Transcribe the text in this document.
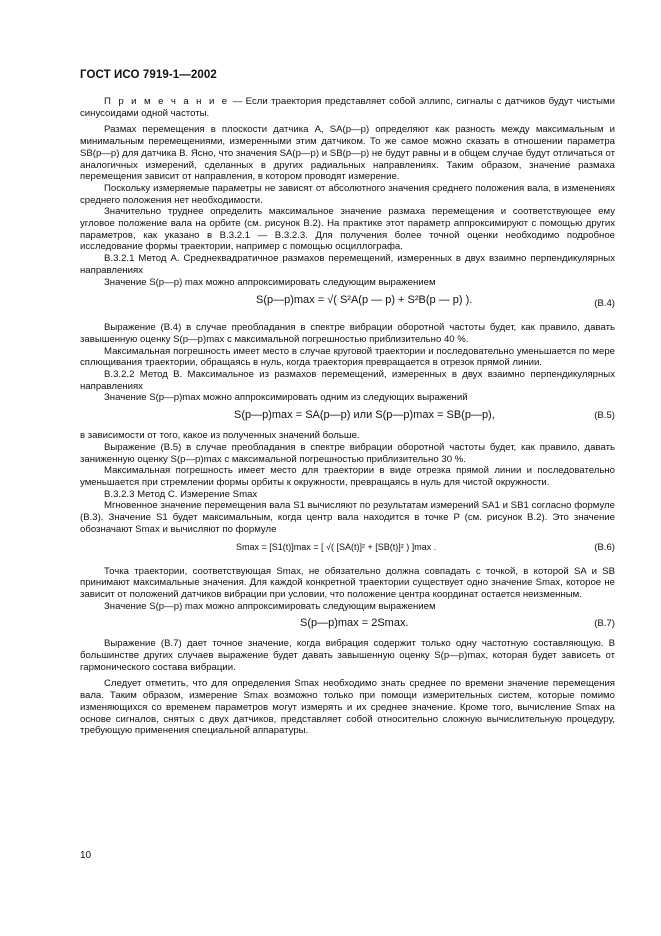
ГОСТ ИСО 7919-1—2002

П р и м е ч а н и е — Если траектория представляет собой эллипс, сигналы с датчиков будут чистыми синусоидами одной частоты.

Размах перемещения в плоскости датчика A, SA(p—p) определяют как разность между максимальным и минимальным перемещениями, измеренными этим датчиком. То же самое можно сказать в отношении параметра SB(p—p) для датчика B. Ясно, что значения SA(p—p) и SB(p—p) не будут равны и в общем случае будут отличаться от аналогичных измерений, сделанных в других радиальных направлениях. Таким образом, значение размаха перемещения зависит от направления, в котором проводят измерение.

Поскольку измеряемые параметры не зависят от абсолютного значения среднего положения вала, в изменениях среднего положения нет необходимости.

Значительно труднее определить максимальное значение размаха перемещения и соответствующее ему угловое положение вала на орбите (см. рисунок B.2). На практике этот параметр аппроксимируют с помощью других параметров, как указано в B.3.2.1 — B.3.2.3. Для получения более точной оценки необходимо подробное исследование формы траектории, например с помощью осциллографа.

B.3.2.1 Метод A. Среднеквадратичное размахов перемещений, измеренных в двух взаимно перпендикулярных направлениях

Значение S(p—p) max можно аппроксимировать следующим выражением

S(p—p)max = √( S²A(p — p) + S²B(p — p) ).	(B.4)

Выражение (B.4) в случае преобладания в спектре вибрации оборотной частоты будет, как правило, давать завышенную оценку S(p—p)max с максимальной погрешностью приблизительно 40 %.

Максимальная погрешность имеет место в случае круговой траектории и последовательно уменьшается по мере сплющивания траектории, обращаясь в нуль, когда траектория превращается в отрезок прямой линии.

B.3.2.2 Метод B. Максимальное из размахов перемещений, измеренных в двух взаимно перпендикулярных направлениях

Значение S(p—p)max можно аппроксимировать одним из следующих выражений

S(p—p)max = SA(p—p) или S(p—p)max = SB(p—p),	(B.5)

в зависимости от того, какое из полученных значений больше.

Выражение (B.5) в случае преобладания в спектре вибрации оборотной частоты будет, как правило, давать заниженную оценку S(p—p)max с максимальной погрешностью приблизительно 30 %.

Максимальная погрешность имеет место для траектории в виде отрезка прямой линии и последовательно уменьшается при стремлении формы орбиты к окружности, превращаясь в нуль для чистой окружности.

B.3.2.3 Метод C. Измерение Smax

Мгновенное значение перемещения вала S1 вычисляют по результатам измерений SA1 и SB1 согласно формуле (B.3). Значение S1 будет максимальным, когда центр вала находится в точке P (см. рисунок B.2). Это значение обозначают Smax и вычисляют по формуле

Smax = [S1(t)]max = [ √( [SA(t)]² + [SB(t)]² ) ]max .	(B.6)

Точка траектории, соответствующая Smax, не обязательно должна совпадать с точкой, в которой SA и SB принимают максимальные значения. Для каждой конкретной траектории существует одно значение Smax, которое не зависит от положений датчиков вибрации при условии, что положение центра координат остается неизменным.

Значение S(p—p) max можно аппроксимировать следующим выражением

S(p—p)max = 2Smax.	(B.7)

Выражение (B.7) дает точное значение, когда вибрация содержит только одну частотную составляющую. В большинстве других случаев выражение будет давать завышенную оценку S(p—p)max, которая будет зависеть от гармонического состава вибрации.

Следует отметить, что для определения Smax необходимо знать среднее по времени значение перемещения вала. Таким образом, измерение Smax возможно только при помощи измерительных систем, которые помимо изменяющихся со временем параметров могут измерять и их среднее значение. Кроме того, вычисление Smax на основе сигналов, снятых с двух датчиков, представляет собой относительно сложную вычислительную процедуру, требующую применения специальной аппаратуры.

10
